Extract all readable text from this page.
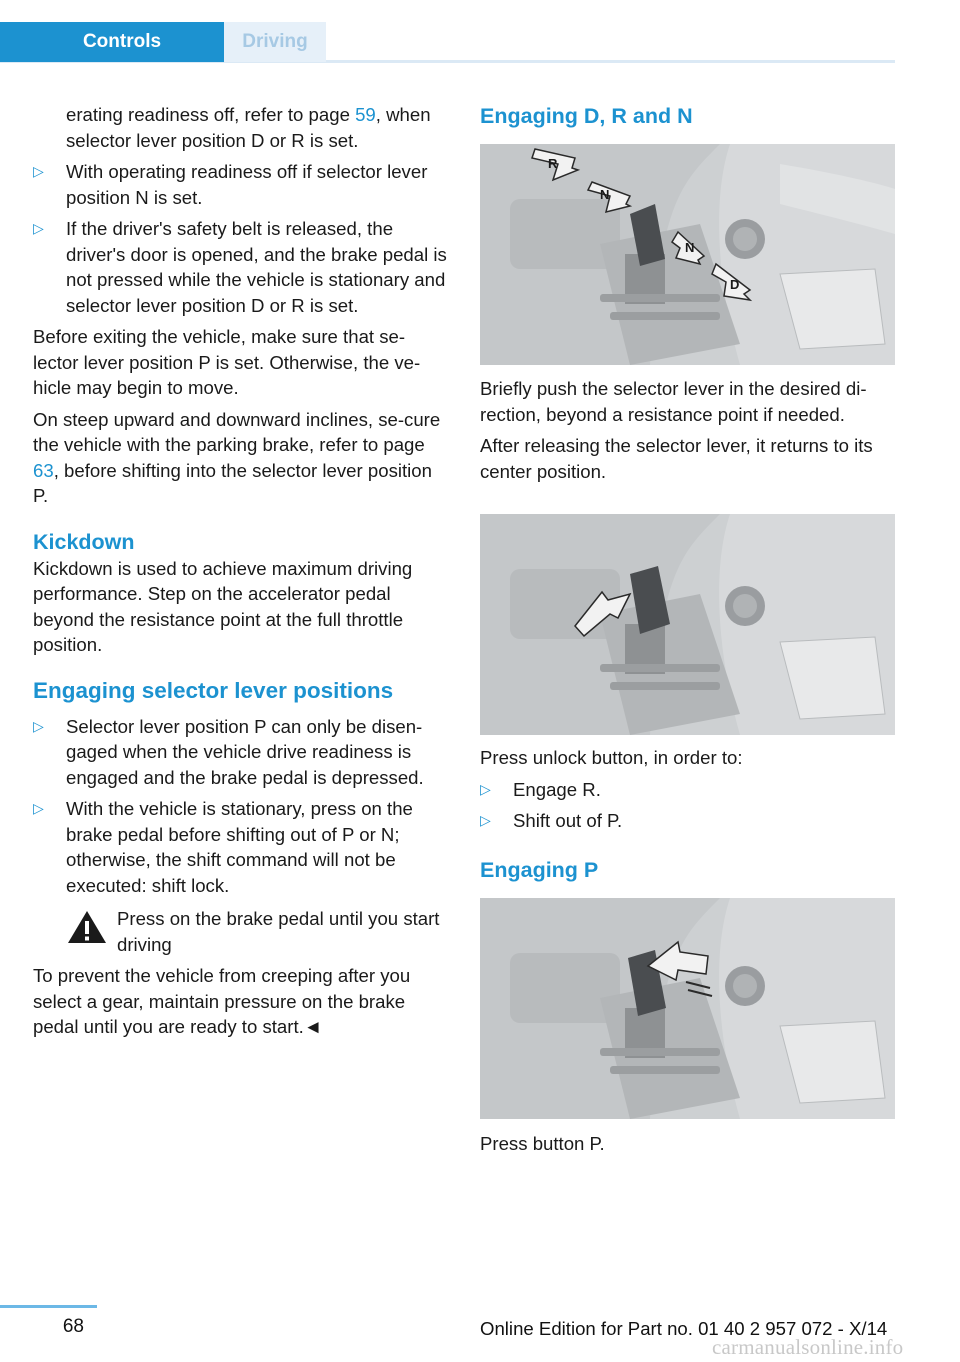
Controls	Driving

erating readiness off, refer to page 59, when selector lever position D or R is set.

▷ With operating readiness off if selector lever position N is set.

▷ If the driver's safety belt is released, the driver's door is opened, and the brake pedal is not pressed while the vehicle is stationary and selector lever position D or R is set.

Before exiting the vehicle, make sure that se‐lector lever position P is set. Otherwise, the ve‐hicle may begin to move.

On steep upward and downward inclines, se‐cure the vehicle with the parking brake, refer to page 63, before shifting into the selector lever position P.

Kickdown

Kickdown is used to achieve maximum driving performance. Step on the accelerator pedal beyond the resistance point at the full throttle position.

Engaging selector lever positions

▷ Selector lever position P can only be disen‐gaged when the vehicle drive readiness is engaged and the brake pedal is depressed.

▷ With the vehicle is stationary, press on the brake pedal before shifting out of P or N; otherwise, the shift command will not be executed: shift lock.

Press on the brake pedal until you start driving

To prevent the vehicle from creeping after you select a gear, maintain pressure on the brake pedal until you are ready to start.◄

Engaging D, R and N

R
N
N
D

Briefly push the selector lever in the desired di‐rection, beyond a resistance point if needed.

After releasing the selector lever, it returns to its center position.

Press unlock button, in order to:

▷ Engage R.

▷ Shift out of P.

Engaging P

Press button P.

68	Online Edition for Part no. 01 40 2 957 072 - X/14
carmanualsonline.info
